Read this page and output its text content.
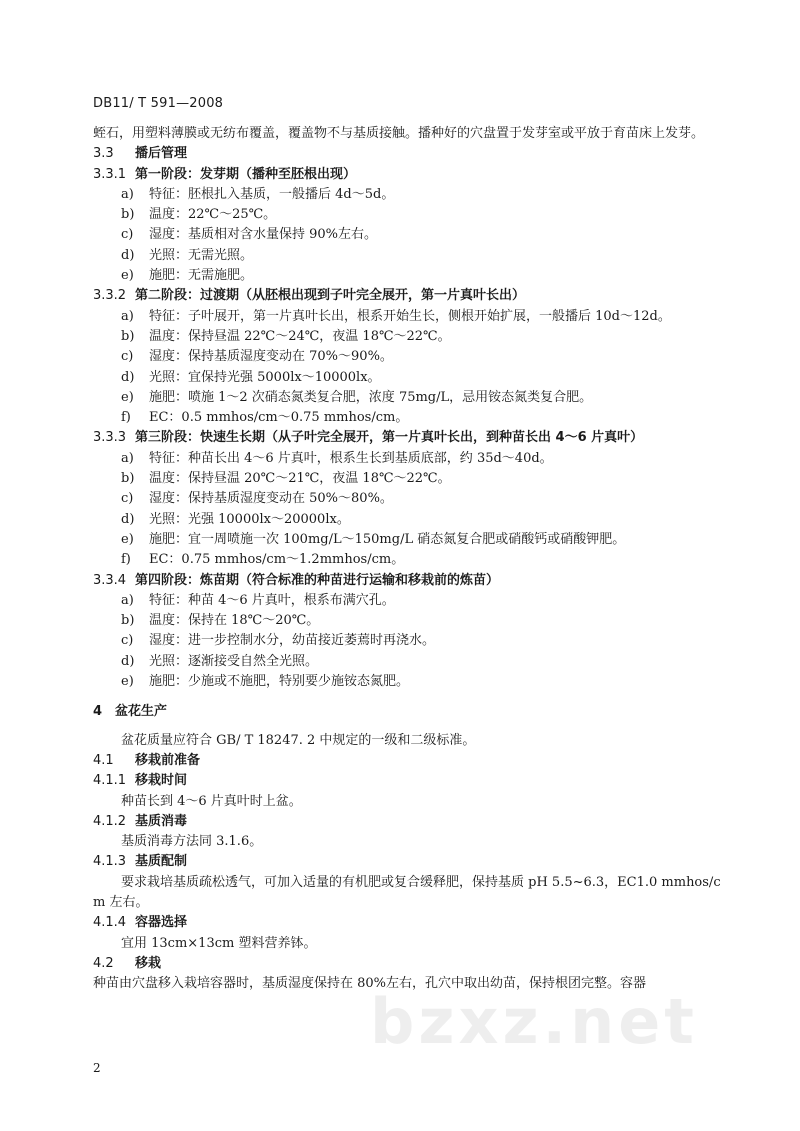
DB11/ T 591—2008
蛭石，用塑料薄膜或无纺布覆盖，覆盖物不与基质接触。播种好的穴盘置于发芽室或平放于育苗床上发芽。
3.3 播后管理
3.3.1 第一阶段：发芽期（播种至胚根出现）
a) 特征：胚根扎入基质，一般播后 4d～5d。
b) 温度：22℃～25℃。
c) 湿度：基质相对含水量保持 90%左右。
d) 光照：无需光照。
e) 施肥：无需施肥。
3.3.2 第二阶段：过渡期（从胚根出现到子叶完全展开，第一片真叶长出）
a) 特征：子叶展开，第一片真叶长出，根系开始生长，侧根开始扩展，一般播后 10d～12d。
b) 温度：保持昼温 22℃～24℃，夜温 18℃～22℃。
c) 湿度：保持基质湿度变动在 70%～90%。
d) 光照：宜保持光强 5000lx～10000lx。
e) 施肥：喷施 1～2 次硝态氮类复合肥，浓度 75mg/L，忌用铵态氮类复合肥。
f) EC：0.5 mmhos/cm～0.75 mmhos/cm。
3.3.3 第三阶段：快速生长期（从子叶完全展开，第一片真叶长出，到种苗长出 4～6 片真叶）
a) 特征：种苗长出 4～6 片真叶，根系生长到基质底部，约 35d～40d。
b) 温度：保持昼温 20℃～21℃，夜温 18℃～22℃。
c) 湿度：保持基质湿度变动在 50%～80%。
d) 光照：光强 10000lx～20000lx。
e) 施肥：宜一周喷施一次 100mg/L～150mg/L 硝态氮复合肥或硝酸钙或硝酸钾肥。
f) EC：0.75 mmhos/cm～1.2mmhos/cm。
3.3.4 第四阶段：炼苗期（符合标准的种苗进行运输和移栽前的炼苗）
a) 特征：种苗 4～6 片真叶，根系布满穴孔。
b) 温度：保持在 18℃～20℃。
c) 湿度：进一步控制水分，幼苗接近萎蔫时再浇水。
d) 光照：逐渐接受自然全光照。
e) 施肥：少施或不施肥，特别要少施铵态氮肥。
4 盆花生产
盆花质量应符合 GB/ T 18247. 2 中规定的一级和二级标准。
4.1 移栽前准备
4.1.1 移栽时间
种苗长到 4～6 片真叶时上盆。
4.1.2 基质消毒
基质消毒方法同 3.1.6。
4.1.3 基质配制
要求栽培基质疏松透气，可加入适量的有机肥或复合缓释肥，保持基质 pH 5.5~6.3，EC1.0 mmhos/c
m 左右。
4.1.4 容器选择
宜用 13cm×13cm 塑料营养钵。
4.2 移栽
种苗由穴盘移入栽培容器时，基质湿度保持在 80%左右，孔穴中取出幼苗，保持根团完整。容器
bzxz.net
2
